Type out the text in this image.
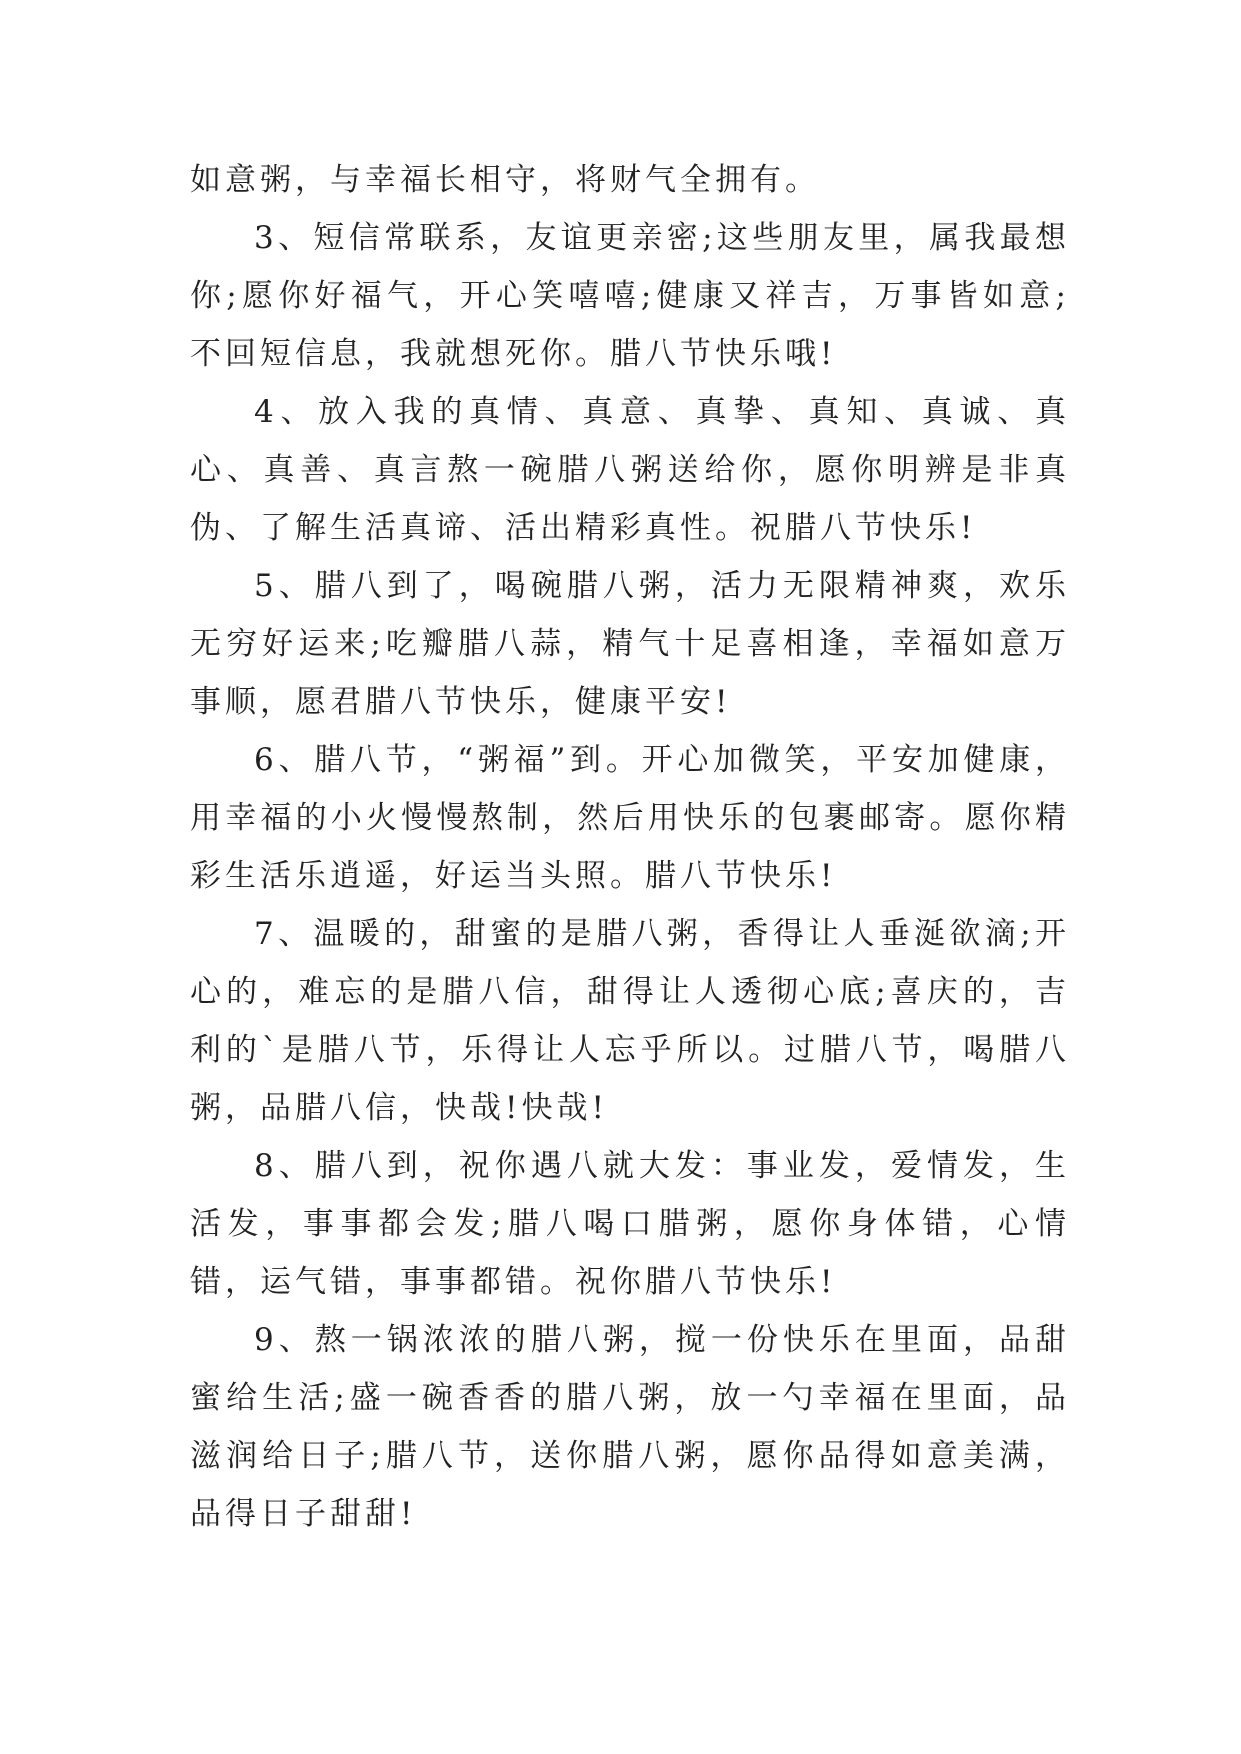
如意粥，与幸福长相守，将财气全拥有。

3、短信常联系，友谊更亲密;这些朋友里，属我最想你;愿你好福气，开心笑嘻嘻;健康又祥吉，万事皆如意;不回短信息，我就想死你。腊八节快乐哦!

4、放入我的真情、真意、真挚、真知、真诚、真心、真善、真言熬一碗腊八粥送给你，愿你明辨是非真伪、了解生活真谛、活出精彩真性。祝腊八节快乐!

5、腊八到了，喝碗腊八粥，活力无限精神爽，欢乐无穷好运来;吃瓣腊八蒜，精气十足喜相逢，幸福如意万事顺，愿君腊八节快乐，健康平安!

6、腊八节，“粥福”到。开心加微笑，平安加健康，用幸福的小火慢慢熬制，然后用快乐的包裹邮寄。愿你精彩生活乐逍遥，好运当头照。腊八节快乐!

7、温暖的，甜蜜的是腊八粥，香得让人垂涎欲滴;开心的，难忘的是腊八信，甜得让人透彻心底;喜庆的，吉利的`是腊八节，乐得让人忘乎所以。过腊八节，喝腊八粥，品腊八信，快哉!快哉!

8、腊八到，祝你遇八就大发：事业发，爱情发，生活发，事事都会发;腊八喝口腊粥，愿你身体错，心情错，运气错，事事都错。祝你腊八节快乐!

9、熬一锅浓浓的腊八粥，搅一份快乐在里面，品甜蜜给生活;盛一碗香香的腊八粥，放一勺幸福在里面，品滋润给日子;腊八节，送你腊八粥，愿你品得如意美满，品得日子甜甜!
